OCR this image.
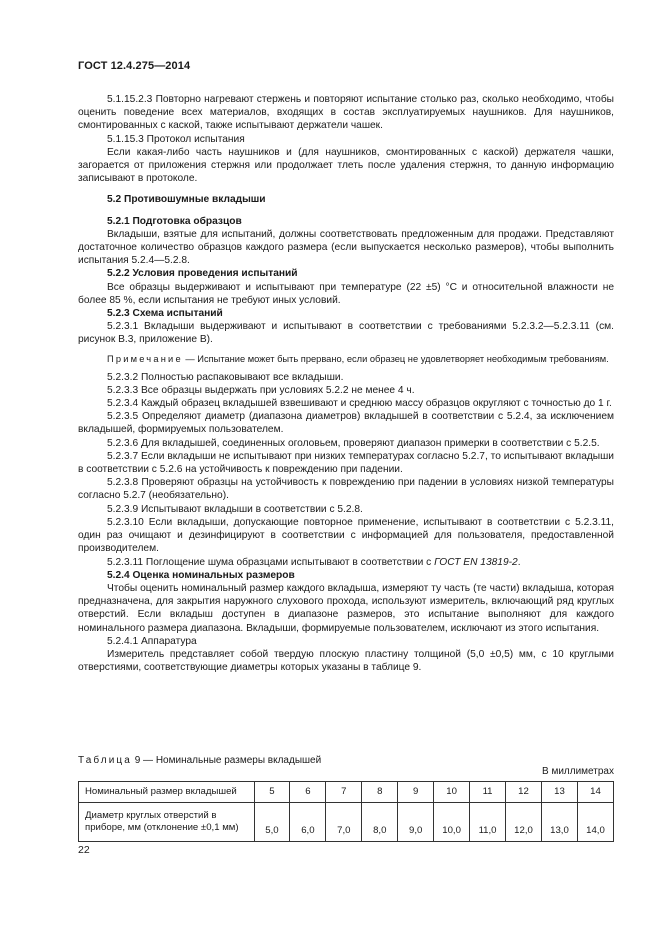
ГОСТ 12.4.275—2014

5.1.15.2.3 Повторно нагревают стержень и повторяют испытание столько раз, сколько необходимо, чтобы оценить поведение всех материалов, входящих в состав эксплуатируемых наушников. Для наушников, смонтированных с каской, также испытывают держатели чашек.

5.1.15.3 Протокол испытания

Если какая-либо часть наушников и (для наушников, смонтированных с каской) держателя чашки, загорается от приложения стержня или продолжает тлеть после удаления стержня, то данную информацию записывают в протоколе.

5.2 Противошумные вкладыши

5.2.1 Подготовка образцов

Вкладыши, взятые для испытаний, должны соответствовать предложенным для продажи. Представляют достаточное количество образцов каждого размера (если выпускается несколько размеров), чтобы выполнить испытания 5.2.4—5.2.8.

5.2.2 Условия проведения испытаний

Все образцы выдерживают и испытывают при температуре (22 ±5) °С и относительной влажности не более 85 %, если испытания не требуют иных условий.

5.2.3 Схема испытаний

5.2.3.1 Вкладыши выдерживают и испытывают в соответствии с требованиями 5.2.3.2—5.2.3.11 (см. рисунок В.3, приложение В).

Примечание — Испытание может быть прервано, если образец не удовлетворяет необходимым требованиям.

5.2.3.2 Полностью распаковывают все вкладыши.

5.2.3.3 Все образцы выдержать при условиях 5.2.2 не менее 4 ч.

5.2.3.4 Каждый образец вкладышей взвешивают и среднюю массу образцов округляют с точностью до 1 г.

5.2.3.5 Определяют диаметр (диапазона диаметров) вкладышей в соответствии с 5.2.4, за исключением вкладышей, формируемых пользователем.

5.2.3.6 Для вкладышей, соединенных оголовьем, проверяют диапазон примерки в соответствии с 5.2.5.

5.2.3.7 Если вкладыши не испытывают при низких температурах согласно 5.2.7, то испытывают вкладыши в соответствии с 5.2.6 на устойчивость к повреждению при падении.

5.2.3.8 Проверяют образцы на устойчивость к повреждению при падении в условиях низкой температуры согласно 5.2.7 (необязательно).

5.2.3.9 Испытывают вкладыши в соответствии с 5.2.8.

5.2.3.10 Если вкладыши, допускающие повторное применение, испытывают в соответствии с 5.2.3.11, один раз очищают и дезинфицируют в соответствии с информацией для пользователя, предоставленной производителем.

5.2.3.11 Поглощение шума образцами испытывают в соответствии с ГОСТ EN 13819-2.

5.2.4 Оценка номинальных размеров

Чтобы оценить номинальный размер каждого вкладыша, измеряют ту часть (те части) вкладыша, которая предназначена, для закрытия наружного слухового прохода, используют измеритель, включающий ряд круглых отверстий. Если вкладыш доступен в диапазоне размеров, это испытание выполняют для каждого номинального размера диапазона. Вкладыши, формируемые пользователем, исключают из этого испытания.

5.2.4.1 Аппаратура

Измеритель представляет собой твердую плоскую пластину толщиной (5,0 ±0,5) мм, с 10 круглыми отверстиями, соответствующие диаметры которых указаны в таблице 9.

Таблица 9 — Номинальные размеры вкладышей
В миллиметрах
Номинальный размер вкладышей	5	6	7	8	9	10	11	12	13	14
Диаметр круглых отверстий в приборе, мм (отклонение ±0,1 мм)	5,0	6,0	7,0	8,0	9,0	10,0	11,0	12,0	13,0	14,0
22
